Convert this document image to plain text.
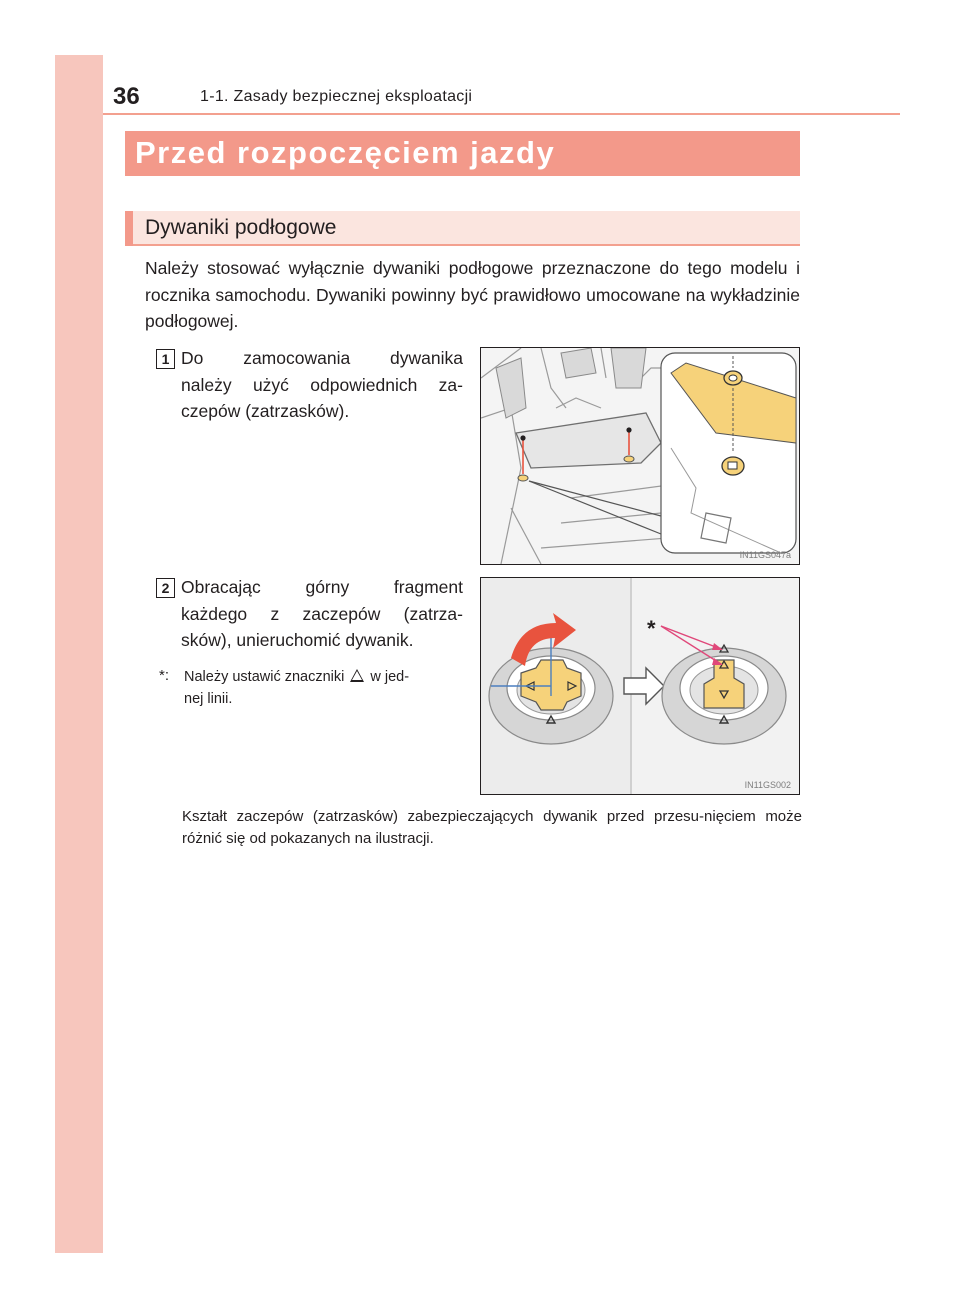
36	1-1. Zasady bezpiecznej eksploatacji
Przed rozpoczęciem jazdy
Dywaniki podłogowe
Należy stosować wyłącznie dywaniki podłogowe przeznaczone do tego modelu i rocznika samochodu. Dywaniki powinny być prawidłowo umocowane na wykładzinie podłogowej.
1 Do zamocowania dywanika
należy użyć odpowiednich za-
czepów (zatrzasków).
IN11GS047a
2 Obracając górny fragment
każdego z zaczepów (zatrza-
sków), unieruchomić dywanik.
*: Należy ustawić znaczniki w jed-
nej linii.
*
IN11GS002
Kształt zaczepów (zatrzasków) zabezpieczających dywanik przed przesu-nięciem może różnić się od pokazanych na ilustracji.
